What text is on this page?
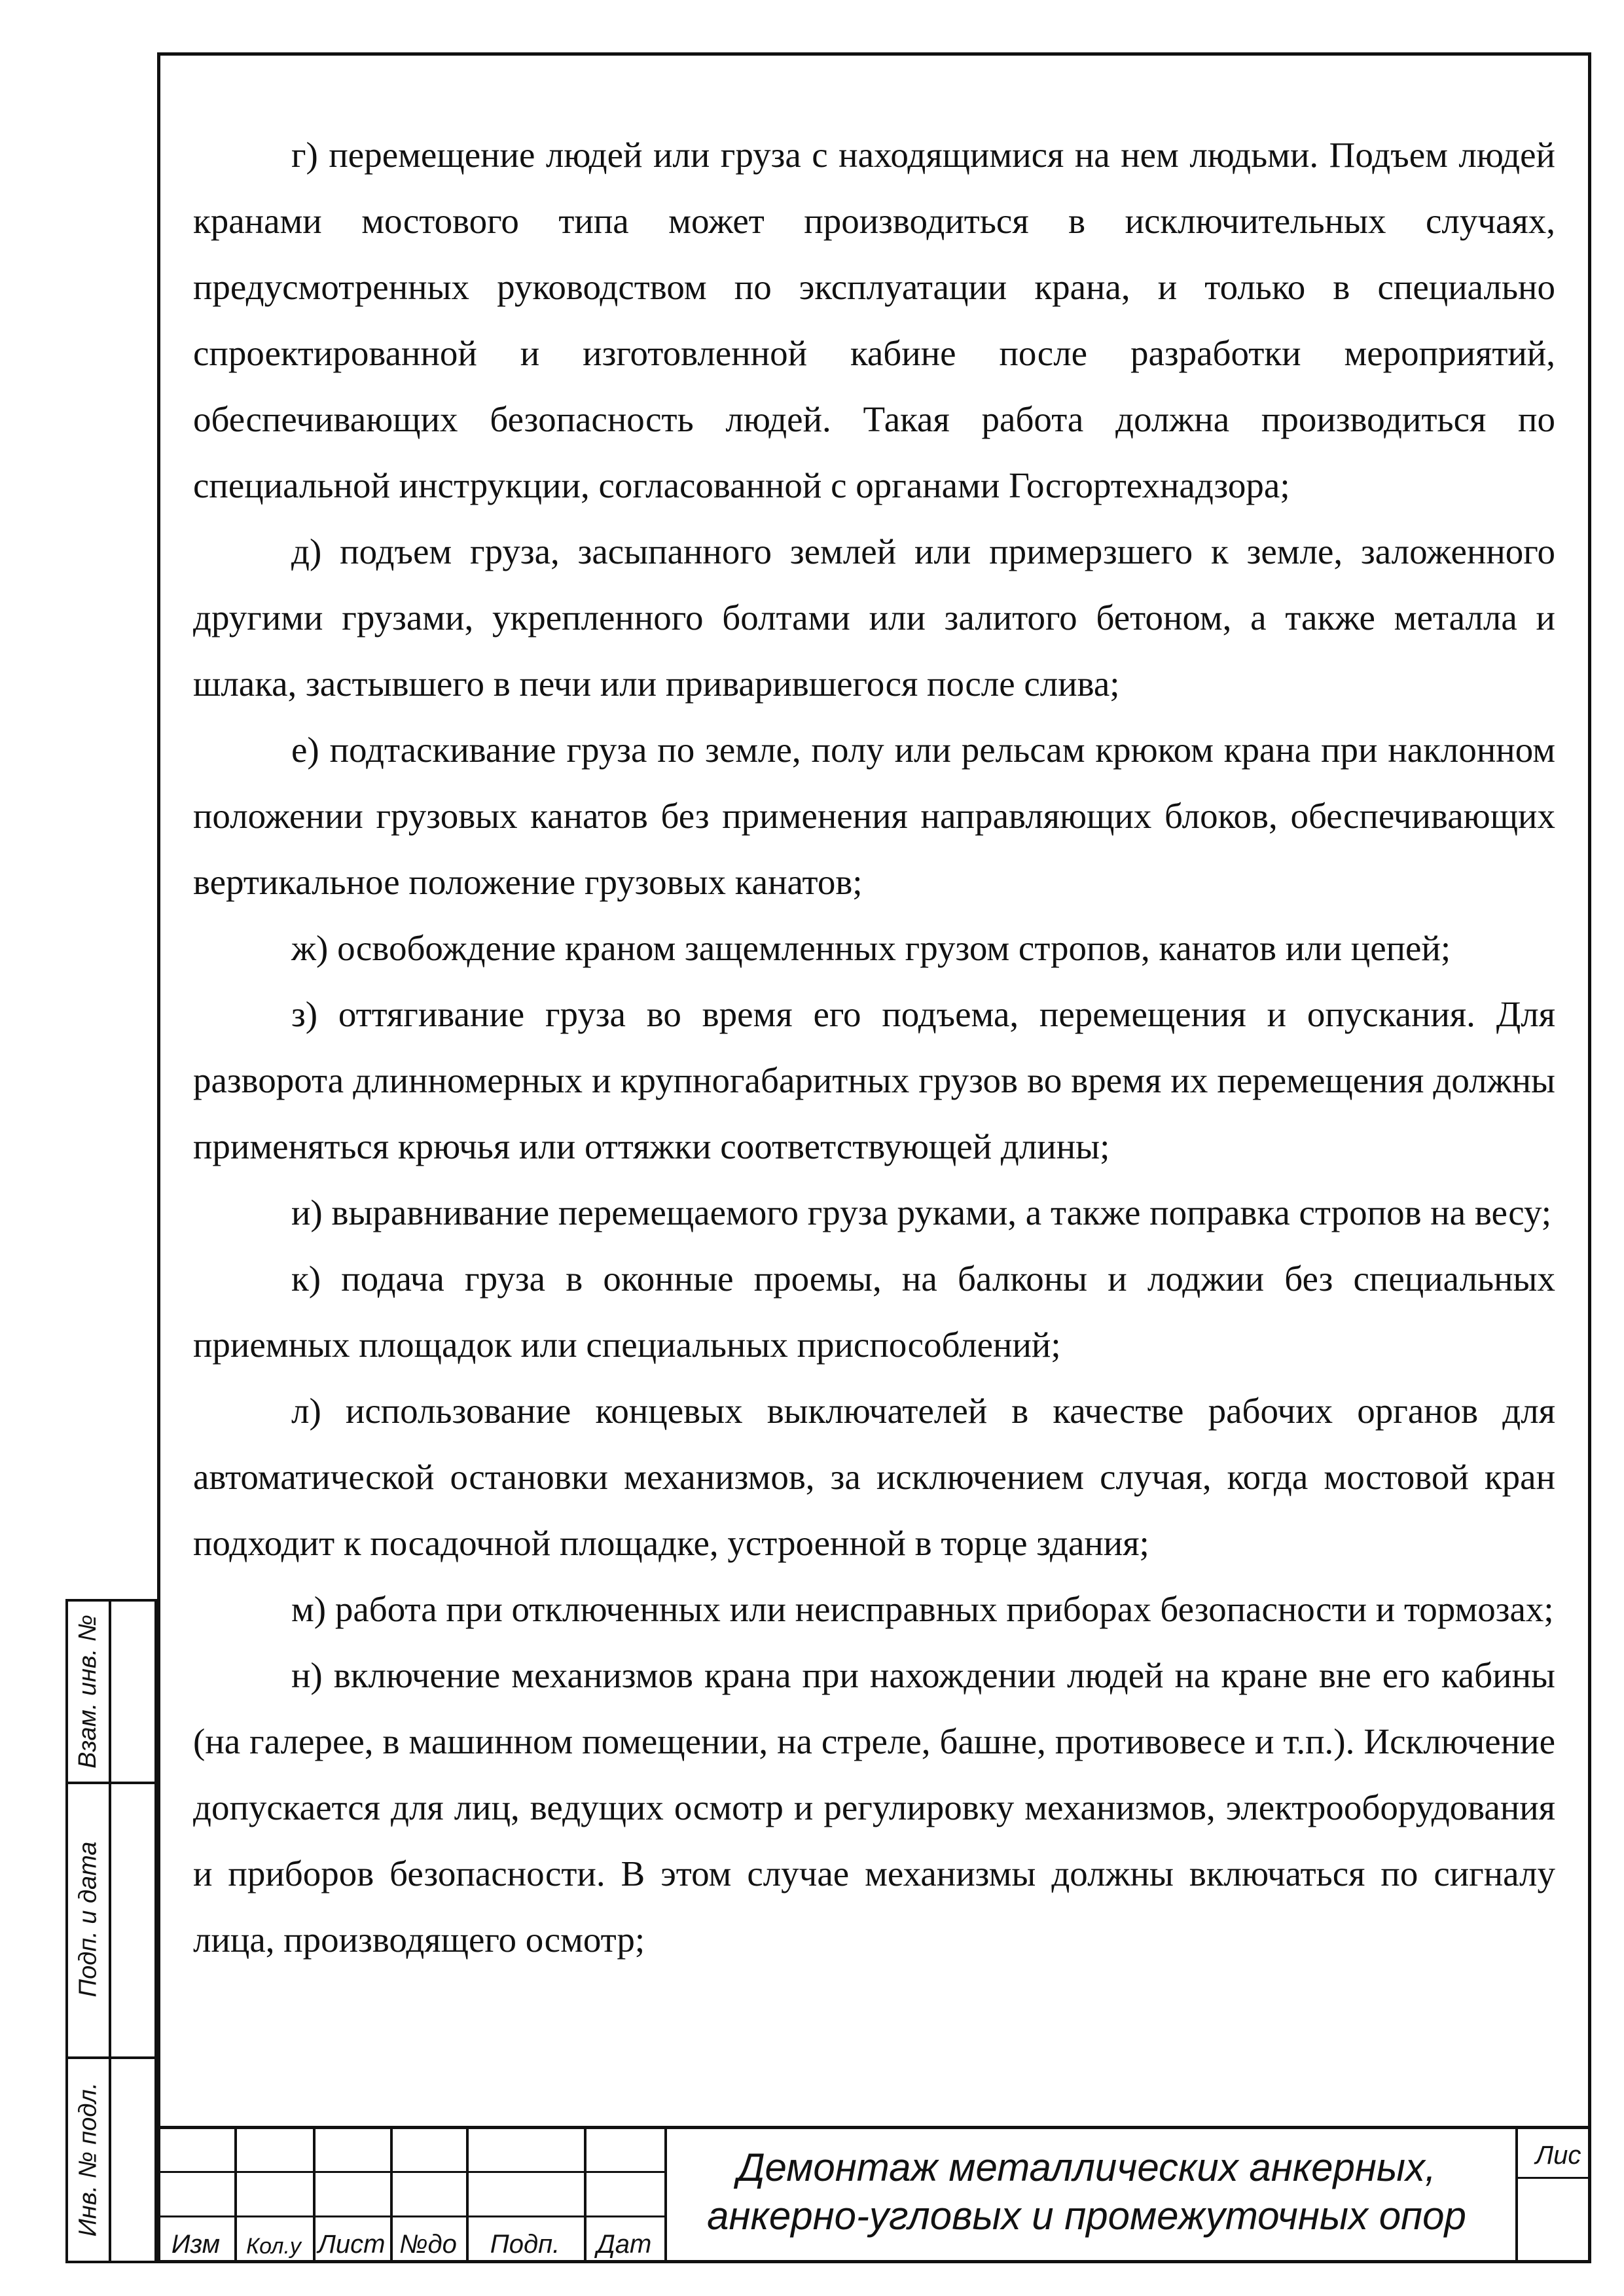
г) перемещение людей или груза с находящимися на нем людьми. Подъем людей кранами мостового типа может производиться в исключительных случаях, предусмотренных руководством по эксплуатации крана, и только в специально спроектированной и изготовленной кабине после разработки мероприятий, обеспечивающих безопасность людей. Такая работа должна производиться по специальной инструкции, согласованной с органами Госгортехнадзора;

д) подъем груза, засыпанного землей или примерзшего к земле, заложенного другими грузами, укрепленного болтами или залитого бетоном, а также металла и шлака, застывшего в печи или приварившегося после слива;

е) подтаскивание груза по земле, полу или рельсам крюком крана при наклонном положении грузовых канатов без применения направляющих блоков, обеспечивающих вертикальное положение грузовых канатов;

ж) освобождение краном защемленных грузом стропов, канатов или цепей;

з) оттягивание груза во время его подъема, перемещения и опускания. Для разворота длинномерных и крупногабаритных грузов во время их перемещения должны применяться крючья или оттяжки соответствующей длины;

и) выравнивание перемещаемого груза руками, а также поправка стропов на весу;

к) подача груза в оконные проемы, на балконы и лоджии без специальных приемных площадок или специальных приспособлений;

л) использование концевых выключателей в качестве рабочих органов для автоматической остановки механизмов, за исключением случая, когда мостовой кран подходит к посадочной площадке, устроенной в торце здания;

м) работа при отключенных или неисправных приборах безопасности и тормозах;

н) включение механизмов крана при нахождении людей на кране вне его кабины (на галерее, в машинном помещении, на стреле, башне, противовесе и т.п.). Исключение допускается для лиц, ведущих осмотр и регулировку механизмов, электрооборудования и приборов безопасности. В этом случае механизмы должны включаться по сигналу лица, производящего осмотр;

Взам. инв. №
Подп. и дата
Инв. № подл.
Изм	Кол.у Лист №до	Подп.	Дат
Демонтаж металлических анкерных, анкерно-угловых и промежуточных опор
Лис
